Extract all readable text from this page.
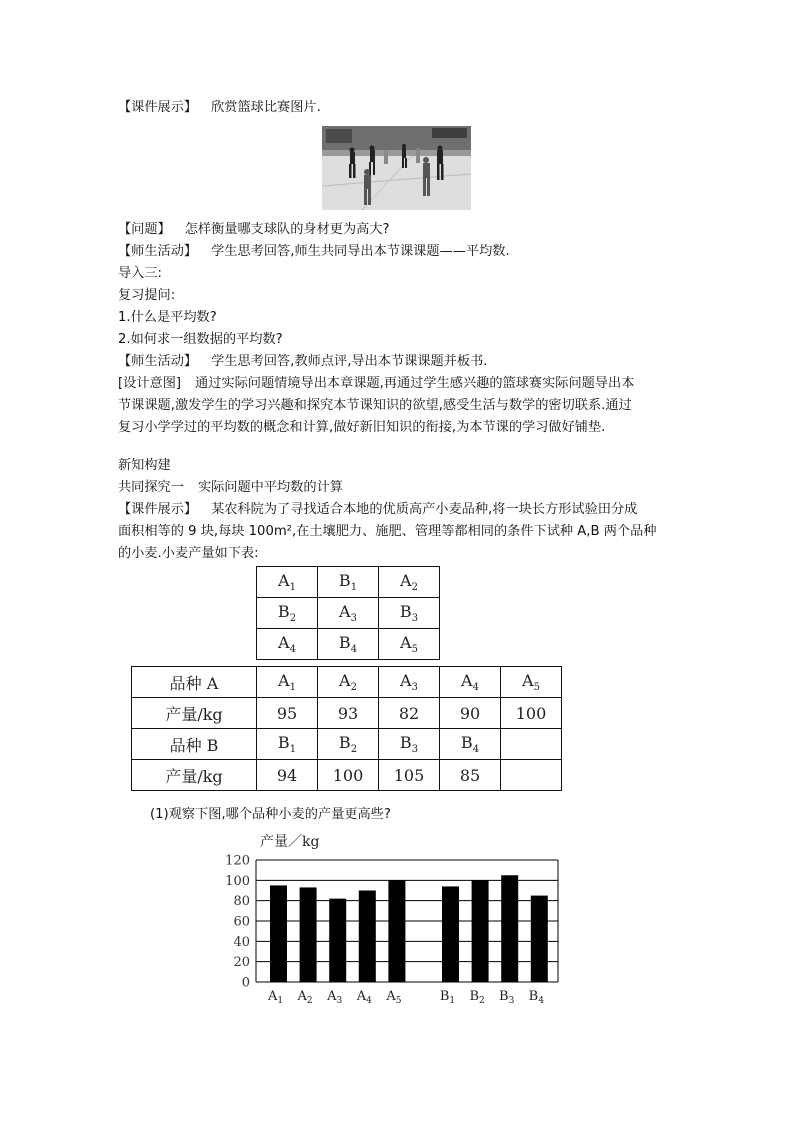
【课件展示】 欣赏篮球比赛图片.
【问题】 怎样衡量哪支球队的身材更为高大?
【师生活动】 学生思考回答,师生共同导出本节课课题——平均数.
导入三:
复习提问:
1.什么是平均数?
2.如何求一组数据的平均数?
【师生活动】 学生思考回答,教师点评,导出本节课课题并板书.
[设计意图] 通过实际问题情境导出本章课题,再通过学生感兴趣的篮球赛实际问题导出本
节课课题,激发学生的学习兴趣和探究本节课知识的欲望,感受生活与数学的密切联系.通过
复习小学学过的平均数的概念和计算,做好新旧知识的衔接,为本节课的学习做好铺垫.
新知构建
共同探究一 实际问题中平均数的计算
【课件展示】 某农科院为了寻找适合本地的优质高产小麦品种,将一块长方形试验田分成
面积相等的 9 块,每块 100m²,在土壤肥力、施肥、管理等都相同的条件下试种 A,B 两个品种
的小麦.小麦产量如下表:
$A_1$	$B_1$	$A_2$
$B_2$	$A_3$	$B_3$
$A_4$	$B_4$	$A_5$
品种 A	$A_1$	$A_2$	$A_3$	$A_4$	$A_5$
产量/kg	95	93	82	90	100
品种 B	$B_1$	$B_2$	$B_3$	$B_4$	
产量/kg	94	100	105	85	
(1)观察下图,哪个品种小麦的产量更高些?
产量／kg
0
20
40
60
80
100
120
$A_1$ $A_2$ $A_3$ $A_4$ $A_5$	$B_1$ $B_2$ $B_3$ $B_4$
